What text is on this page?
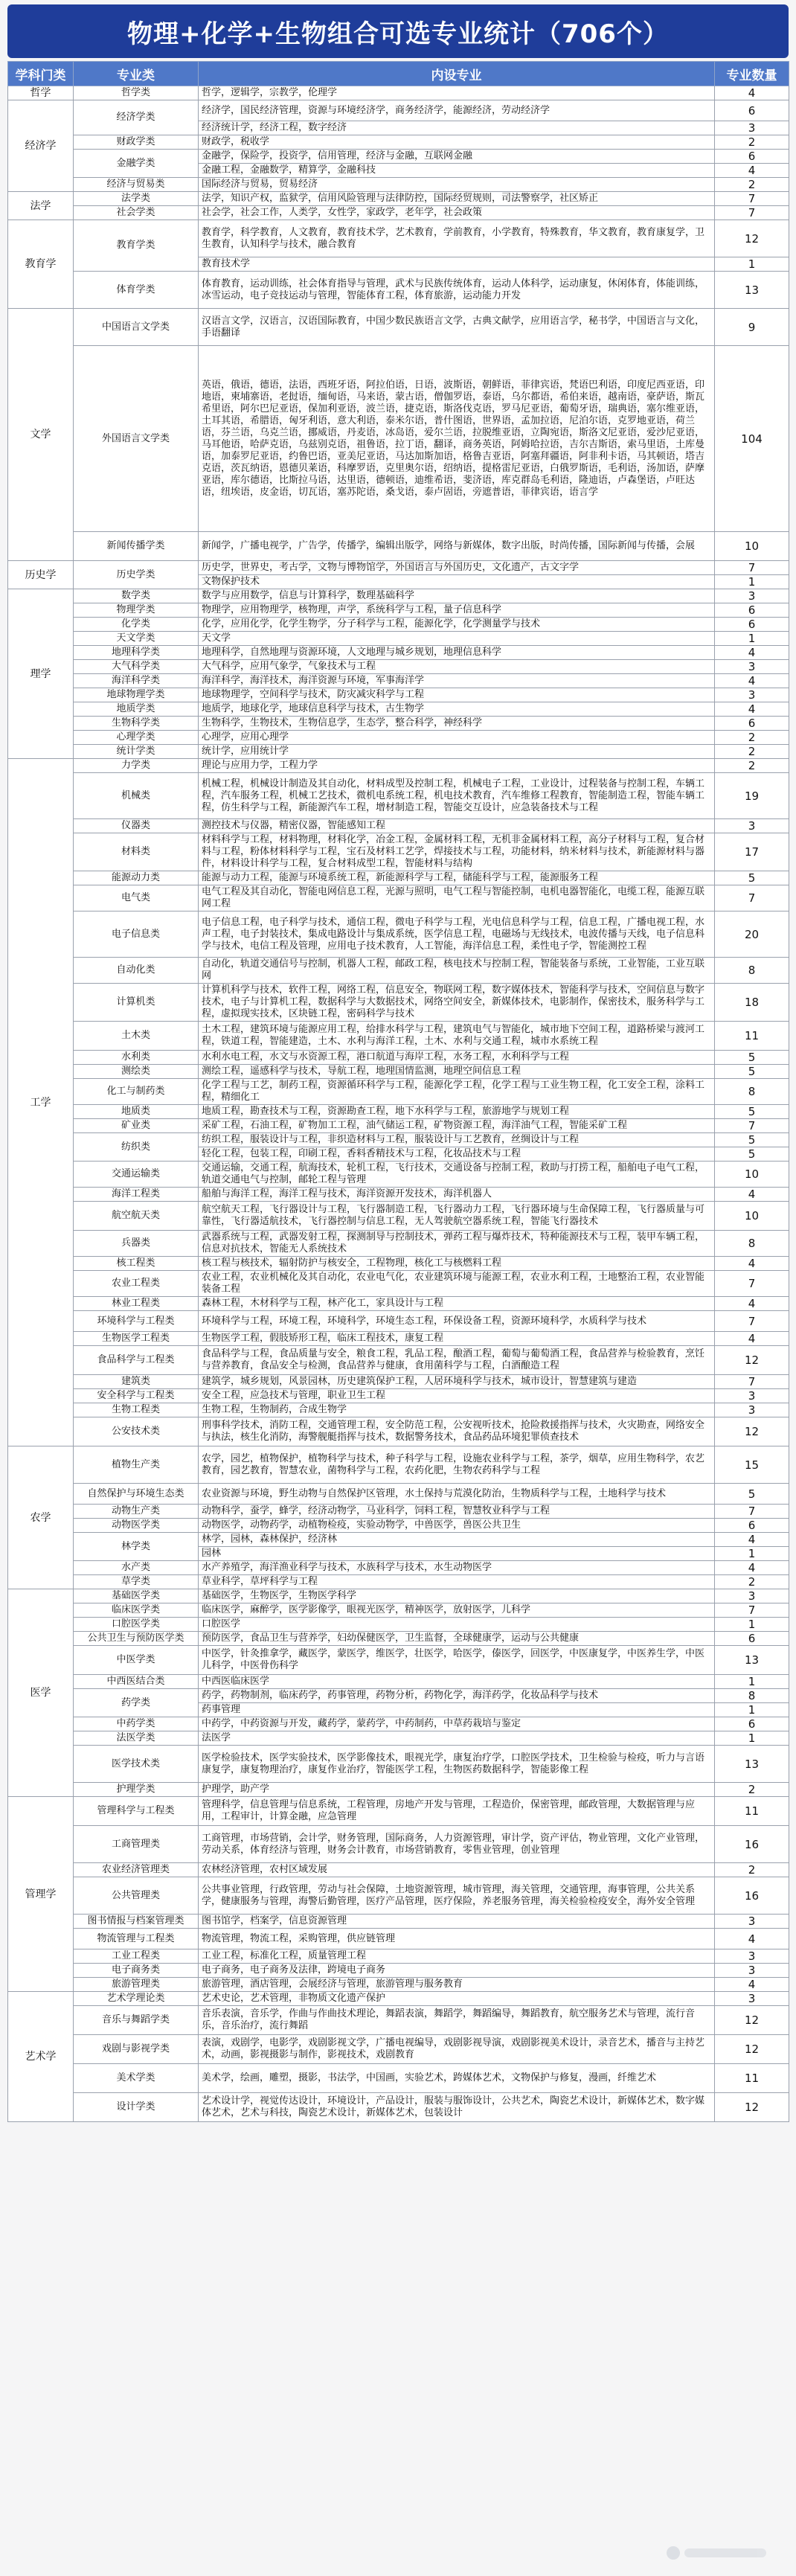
物理+化学+生物组合可选专业统计（706个）
学科门类	专业类	内设专业	专业数量
哲学	哲学类	哲学，逻辑学，宗教学，伦理学	4
经济学	经济学类	经济学，国民经济管理，资源与环境经济学，商务经济学，能源经济，劳动经济学	6
		经济统计学，经济工程，数字经济	3
	财政学类	财政学，税收学	2
	金融学类	金融学，保险学，投资学，信用管理，经济与金融，互联网金融	6
		金融工程，金融数学，精算学，金融科技	4
	经济与贸易类	国际经济与贸易，贸易经济	2
法学	法学类	法学，知识产权，监狱学，信用风险管理与法律防控，国际经贸规则，司法警察学，社区矫正	7
	社会学类	社会学，社会工作，人类学，女性学，家政学，老年学，社会政策	7
教育学	教育学类	教育学，科学教育，人文教育，教育技术学，艺术教育，学前教育，小学教育，特殊教育，华文教育，教育康复学，卫生教育，认知科学与技术，融合教育	12
		教育技术学	1
	体育学类	体育教育，运动训练，社会体育指导与管理，武术与民族传统体育，运动人体科学，运动康复，休闲体育，体能训练，冰雪运动，电子竞技运动与管理，智能体育工程，体育旅游，运动能力开发	13
文学	中国语言文学类	汉语言文学，汉语言，汉语国际教育，中国少数民族语言文学，古典文献学，应用语言学，秘书学，中国语言与文化，手语翻译	9
	外国语言文学类	英语，俄语，德语，法语，西班牙语，阿拉伯语，日语，波斯语，朝鲜语，菲律宾语，梵语巴利语，印度尼西亚语，印地语，柬埔寨语，老挝语，缅甸语，马来语，蒙古语，僧伽罗语，泰语，乌尔都语，希伯来语，越南语，豪萨语，斯瓦希里语，阿尔巴尼亚语，保加利亚语，波兰语，捷克语，斯洛伐克语，罗马尼亚语，葡萄牙语，瑞典语，塞尔维亚语，土耳其语，希腊语，匈牙利语，意大利语，泰米尔语，普什图语，世界语，孟加拉语，尼泊尔语，克罗地亚语，荷兰语，芬兰语，乌克兰语，挪威语，丹麦语，冰岛语，爱尔兰语，拉脱维亚语，立陶宛语，斯洛文尼亚语，爱沙尼亚语，马耳他语，哈萨克语，乌兹别克语，祖鲁语，拉丁语，翻译，商务英语，阿姆哈拉语，吉尔吉斯语，索马里语，土库曼语，加泰罗尼亚语，约鲁巴语，亚美尼亚语，马达加斯加语，格鲁吉亚语，阿塞拜疆语，阿非利卡语，马其顿语，塔吉克语，茨瓦纳语，恩德贝莱语，科摩罗语，克里奥尔语，绍纳语，提格雷尼亚语，白俄罗斯语，毛利语，汤加语，萨摩亚语，库尔德语，比斯拉马语，达里语，德顿语，迪维希语，斐济语，库克群岛毛利语，隆迪语，卢森堡语，卢旺达语，纽埃语，皮金语，切瓦语，塞苏陀语，桑戈语，泰卢固语，旁遮普语，菲律宾语，语言学	104
	新闻传播学类	新闻学，广播电视学，广告学，传播学，编辑出版学，网络与新媒体，数字出版，时尚传播，国际新闻与传播，会展	10
历史学	历史学类	历史学，世界史，考古学，文物与博物馆学，外国语言与外国历史，文化遗产，古文字学	7
		文物保护技术	1
理学	数学类	数学与应用数学，信息与计算科学，数理基础科学	3
	物理学类	物理学，应用物理学，核物理，声学，系统科学与工程，量子信息科学	6
	化学类	化学，应用化学，化学生物学，分子科学与工程，能源化学，化学测量学与技术	6
	天文学类	天文学	1
	地理科学类	地理科学，自然地理与资源环境，人文地理与城乡规划，地理信息科学	4
	大气科学类	大气科学，应用气象学，气象技术与工程	3
	海洋科学类	海洋科学，海洋技术，海洋资源与环境，军事海洋学	4
	地球物理学类	地球物理学，空间科学与技术，防灾减灾科学与工程	3
	地质学类	地质学，地球化学，地球信息科学与技术，古生物学	4
	生物科学类	生物科学，生物技术，生物信息学，生态学，整合科学，神经科学	6
	心理学类	心理学，应用心理学	2
	统计学类	统计学，应用统计学	2
工学	力学类	理论与应用力学，工程力学	2
	机械类	机械工程，机械设计制造及其自动化，材料成型及控制工程，机械电子工程，工业设计，过程装备与控制工程，车辆工程，汽车服务工程，机械工艺技术，微机电系统工程，机电技术教育，汽车维修工程教育，智能制造工程，智能车辆工程，仿生科学与工程，新能源汽车工程，增材制造工程，智能交互设计，应急装备技术与工程	19
	仪器类	测控技术与仪器，精密仪器，智能感知工程	3
	材料类	材料科学与工程，材料物理，材料化学，冶金工程，金属材料工程，无机非金属材料工程，高分子材料与工程，复合材料与工程，粉体材料科学与工程，宝石及材料工艺学，焊接技术与工程，功能材料，纳米材料与技术，新能源材料与器件，材料设计科学与工程，复合材料成型工程，智能材料与结构	17
	能源动力类	能源与动力工程，能源与环境系统工程，新能源科学与工程，储能科学与工程，能源服务工程	5
	电气类	电气工程及其自动化，智能电网信息工程，光源与照明，电气工程与智能控制，电机电器智能化，电缆工程，能源互联网工程	7
	电子信息类	电子信息工程，电子科学与技术，通信工程，微电子科学与工程，光电信息科学与工程，信息工程，广播电视工程，水声工程，电子封装技术，集成电路设计与集成系统，医学信息工程，电磁场与无线技术，电波传播与天线，电子信息科学与技术，电信工程及管理，应用电子技术教育，人工智能，海洋信息工程，柔性电子学，智能测控工程	20
	自动化类	自动化，轨道交通信号与控制，机器人工程，邮政工程，核电技术与控制工程，智能装备与系统，工业智能，工业互联网	8
	计算机类	计算机科学与技术，软件工程，网络工程，信息安全，物联网工程，数字媒体技术，智能科学与技术，空间信息与数字技术，电子与计算机工程，数据科学与大数据技术，网络空间安全，新媒体技术，电影制作，保密技术，服务科学与工程，虚拟现实技术，区块链工程，密码科学与技术	18
	土木类	土木工程，建筑环境与能源应用工程，给排水科学与工程，建筑电气与智能化，城市地下空间工程，道路桥梁与渡河工程，铁道工程，智能建造，土木、水利与海洋工程，土木、水利与交通工程，城市水系统工程	11
	水利类	水利水电工程，水文与水资源工程，港口航道与海岸工程，水务工程，水利科学与工程	5
	测绘类	测绘工程，遥感科学与技术，导航工程，地理国情监测，地理空间信息工程	5
	化工与制药类	化学工程与工艺，制药工程，资源循环科学与工程，能源化学工程，化学工程与工业生物工程，化工安全工程，涂料工程，精细化工	8
	地质类	地质工程，勘查技术与工程，资源勘查工程，地下水科学与工程，旅游地学与规划工程	5
	矿业类	采矿工程，石油工程，矿物加工工程，油气储运工程，矿物资源工程，海洋油气工程，智能采矿工程	7
	纺织类	纺织工程，服装设计与工程，非织造材料与工程，服装设计与工艺教育，丝绸设计与工程	5
		轻化工程，包装工程，印刷工程，香料香精技术与工程，化妆品技术与工程	5
	交通运输类	交通运输，交通工程，航海技术，轮机工程，飞行技术，交通设备与控制工程，救助与打捞工程，船舶电子电气工程，轨道交通电气与控制，邮轮工程与管理	10
	海洋工程类	船舶与海洋工程，海洋工程与技术，海洋资源开发技术，海洋机器人	4
	航空航天类	航空航天工程，飞行器设计与工程，飞行器制造工程，飞行器动力工程，飞行器环境与生命保障工程，飞行器质量与可靠性，飞行器适航技术，飞行器控制与信息工程，无人驾驶航空器系统工程，智能飞行器技术	10
	兵器类	武器系统与工程，武器发射工程，探测制导与控制技术，弹药工程与爆炸技术，特种能源技术与工程，装甲车辆工程，信息对抗技术，智能无人系统技术	8
	核工程类	核工程与核技术，辐射防护与核安全，工程物理，核化工与核燃料工程	4
	农业工程类	农业工程，农业机械化及其自动化，农业电气化，农业建筑环境与能源工程，农业水利工程，土地整治工程，农业智能装备工程	7
	林业工程类	森林工程，木材科学与工程，林产化工，家具设计与工程	4
	环境科学与工程类	环境科学与工程，环境工程，环境科学，环境生态工程，环保设备工程，资源环境科学，水质科学与技术	7
	生物医学工程类	生物医学工程，假肢矫形工程，临床工程技术，康复工程	4
	食品科学与工程类	食品科学与工程，食品质量与安全，粮食工程，乳品工程，酿酒工程，葡萄与葡萄酒工程，食品营养与检验教育，烹饪与营养教育，食品安全与检测，食品营养与健康，食用菌科学与工程，白酒酿造工程	12
	建筑类	建筑学，城乡规划，风景园林，历史建筑保护工程，人居环境科学与技术，城市设计，智慧建筑与建造	7
	安全科学与工程类	安全工程，应急技术与管理，职业卫生工程	3
	生物工程类	生物工程，生物制药，合成生物学	3
	公安技术类	刑事科学技术，消防工程，交通管理工程，安全防范工程，公安视听技术，抢险救援指挥与技术，火灾勘查，网络安全与执法，核生化消防，海警舰艇指挥与技术，数据警务技术，食品药品环境犯罪侦查技术	12
农学	植物生产类	农学，园艺，植物保护，植物科学与技术，种子科学与工程，设施农业科学与工程，茶学，烟草，应用生物科学，农艺教育，园艺教育，智慧农业，菌物科学与工程，农药化肥，生物农药科学与工程	15
	自然保护与环境生态类	农业资源与环境，野生动物与自然保护区管理，水土保持与荒漠化防治，生物质科学与工程，土地科学与技术	5
	动物生产类	动物科学，蚕学，蜂学，经济动物学，马业科学，饲料工程，智慧牧业科学与工程	7
	动物医学类	动物医学，动物药学，动植物检疫，实验动物学，中兽医学，兽医公共卫生	6
	林学类	林学，园林，森林保护，经济林	4
		园林	1
	水产类	水产养殖学，海洋渔业科学与技术，水族科学与技术，水生动物医学	4
	草学类	草业科学，草坪科学与工程	2
医学	基础医学类	基础医学，生物医学，生物医学科学	3
	临床医学类	临床医学，麻醉学，医学影像学，眼视光医学，精神医学，放射医学，儿科学	7
	口腔医学类	口腔医学	1
	公共卫生与预防医学类	预防医学，食品卫生与营养学，妇幼保健医学，卫生监督，全球健康学，运动与公共健康	6
	中医学类	中医学，针灸推拿学，藏医学，蒙医学，维医学，壮医学，哈医学，傣医学，回医学，中医康复学，中医养生学，中医儿科学，中医骨伤科学	13
	中西医结合类	中西医临床医学	1
	药学类	药学，药物制剂，临床药学，药事管理，药物分析，药物化学，海洋药学，化妆品科学与技术	8
		药事管理	1
	中药学类	中药学，中药资源与开发，藏药学，蒙药学，中药制药，中草药栽培与鉴定	6
	法医学类	法医学	1
	医学技术类	医学检验技术，医学实验技术，医学影像技术，眼视光学，康复治疗学，口腔医学技术，卫生检验与检疫，听力与言语康复学，康复物理治疗，康复作业治疗，智能医学工程，生物医药数据科学，智能影像工程	13
	护理学类	护理学，助产学	2
管理学	管理科学与工程类	管理科学，信息管理与信息系统，工程管理，房地产开发与管理，工程造价，保密管理，邮政管理，大数据管理与应用，工程审计，计算金融，应急管理	11
	工商管理类	工商管理，市场营销，会计学，财务管理，国际商务，人力资源管理，审计学，资产评估，物业管理，文化产业管理，劳动关系，体育经济与管理，财务会计教育，市场营销教育，零售业管理，创业管理	16
	农业经济管理类	农林经济管理，农村区域发展	2
	公共管理类	公共事业管理，行政管理，劳动与社会保障，土地资源管理，城市管理，海关管理，交通管理，海事管理，公共关系学，健康服务与管理，海警后勤管理，医疗产品管理，医疗保险，养老服务管理，海关检验检疫安全，海外安全管理	16
	图书情报与档案管理类	图书馆学，档案学，信息资源管理	3
	物流管理与工程类	物流管理，物流工程，采购管理，供应链管理	4
	工业工程类	工业工程，标准化工程，质量管理工程	3
	电子商务类	电子商务，电子商务及法律，跨境电子商务	3
	旅游管理类	旅游管理，酒店管理，会展经济与管理，旅游管理与服务教育	4
艺术学	艺术学理论类	艺术史论，艺术管理，非物质文化遗产保护	3
	音乐与舞蹈学类	音乐表演，音乐学，作曲与作曲技术理论，舞蹈表演，舞蹈学，舞蹈编导，舞蹈教育，航空服务艺术与管理，流行音乐，音乐治疗，流行舞蹈	12
	戏剧与影视学类	表演，戏剧学，电影学，戏剧影视文学，广播电视编导，戏剧影视导演，戏剧影视美术设计，录音艺术，播音与主持艺术，动画，影视摄影与制作，影视技术，戏剧教育	12
	美术学类	美术学，绘画，雕塑，摄影，书法学，中国画，实验艺术，跨媒体艺术，文物保护与修复，漫画，纤维艺术	11
	设计学类	艺术设计学，视觉传达设计，环境设计，产品设计，服装与服饰设计，公共艺术，陶瓷艺术设计，新媒体艺术，数字媒体艺术，艺术与科技，陶瓷艺术设计，新媒体艺术，包装设计	12
